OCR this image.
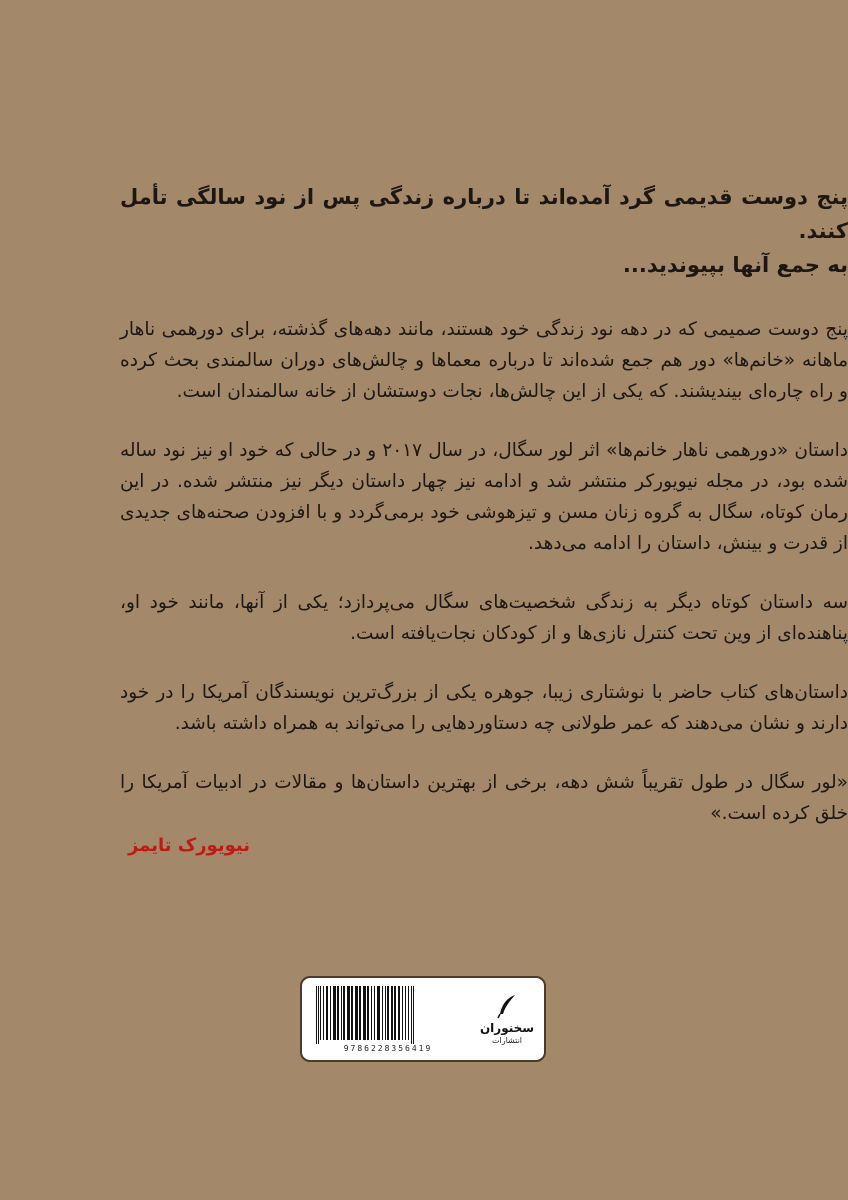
پنج دوست قدیمی گرد آمده‌اند تا درباره زندگی پس از نود سالگی تأمل کنند.
به جمع آنها بپیوندید...

پنج دوست صمیمی که در دهه نود زندگی خود هستند، مانند دهه‌های گذشته، برای دورهمی ناهار ماهانه «خانم‌ها» دور هم جمع شده‌اند تا درباره معماها و چالش‌های دوران سالمندی بحث کرده و راه چاره‌ای بیندیشند. که یکی از این چالش‌ها، نجات دوستشان از خانه سالمندان است.

داستان «دورهمی ناهار خانم‌ها» اثر لور سگال، در سال ۲۰۱۷ و در حالی که خود او نیز نود ساله شده بود، در مجله نیویورکر منتشر شد و ادامه نیز چهار داستان دیگر نیز منتشر شده. در این رمان کوتاه، سگال به گروه زنان مسن و تیزهوشی خود برمی‌گردد و با افزودن صحنه‌های جدیدی از قدرت و بینش، داستان را ادامه می‌دهد.

سه داستان کوتاه دیگر به زندگی شخصیت‌های سگال می‌پردازد؛ یکی از آنها، مانند خود او، پناهنده‌ای از وین تحت کنترل نازی‌ها و از کودکان نجات‌یافته است.

داستان‌های کتاب حاضر با نوشتاری زیبا، جوهره یکی از بزرگ‌ترین نویسندگان آمریکا را در خود دارند و نشان می‌دهند که عمر طولانی چه دستاوردهایی را می‌تواند به همراه داشته باشد.

«لور سگال در طول تقریباً شش دهه، برخی از بهترین داستان‌ها و مقالات در ادبیات آمریکا را خلق کرده است.»

نیویورک تایمز
9786228356419
سخنوران
انتشارات
